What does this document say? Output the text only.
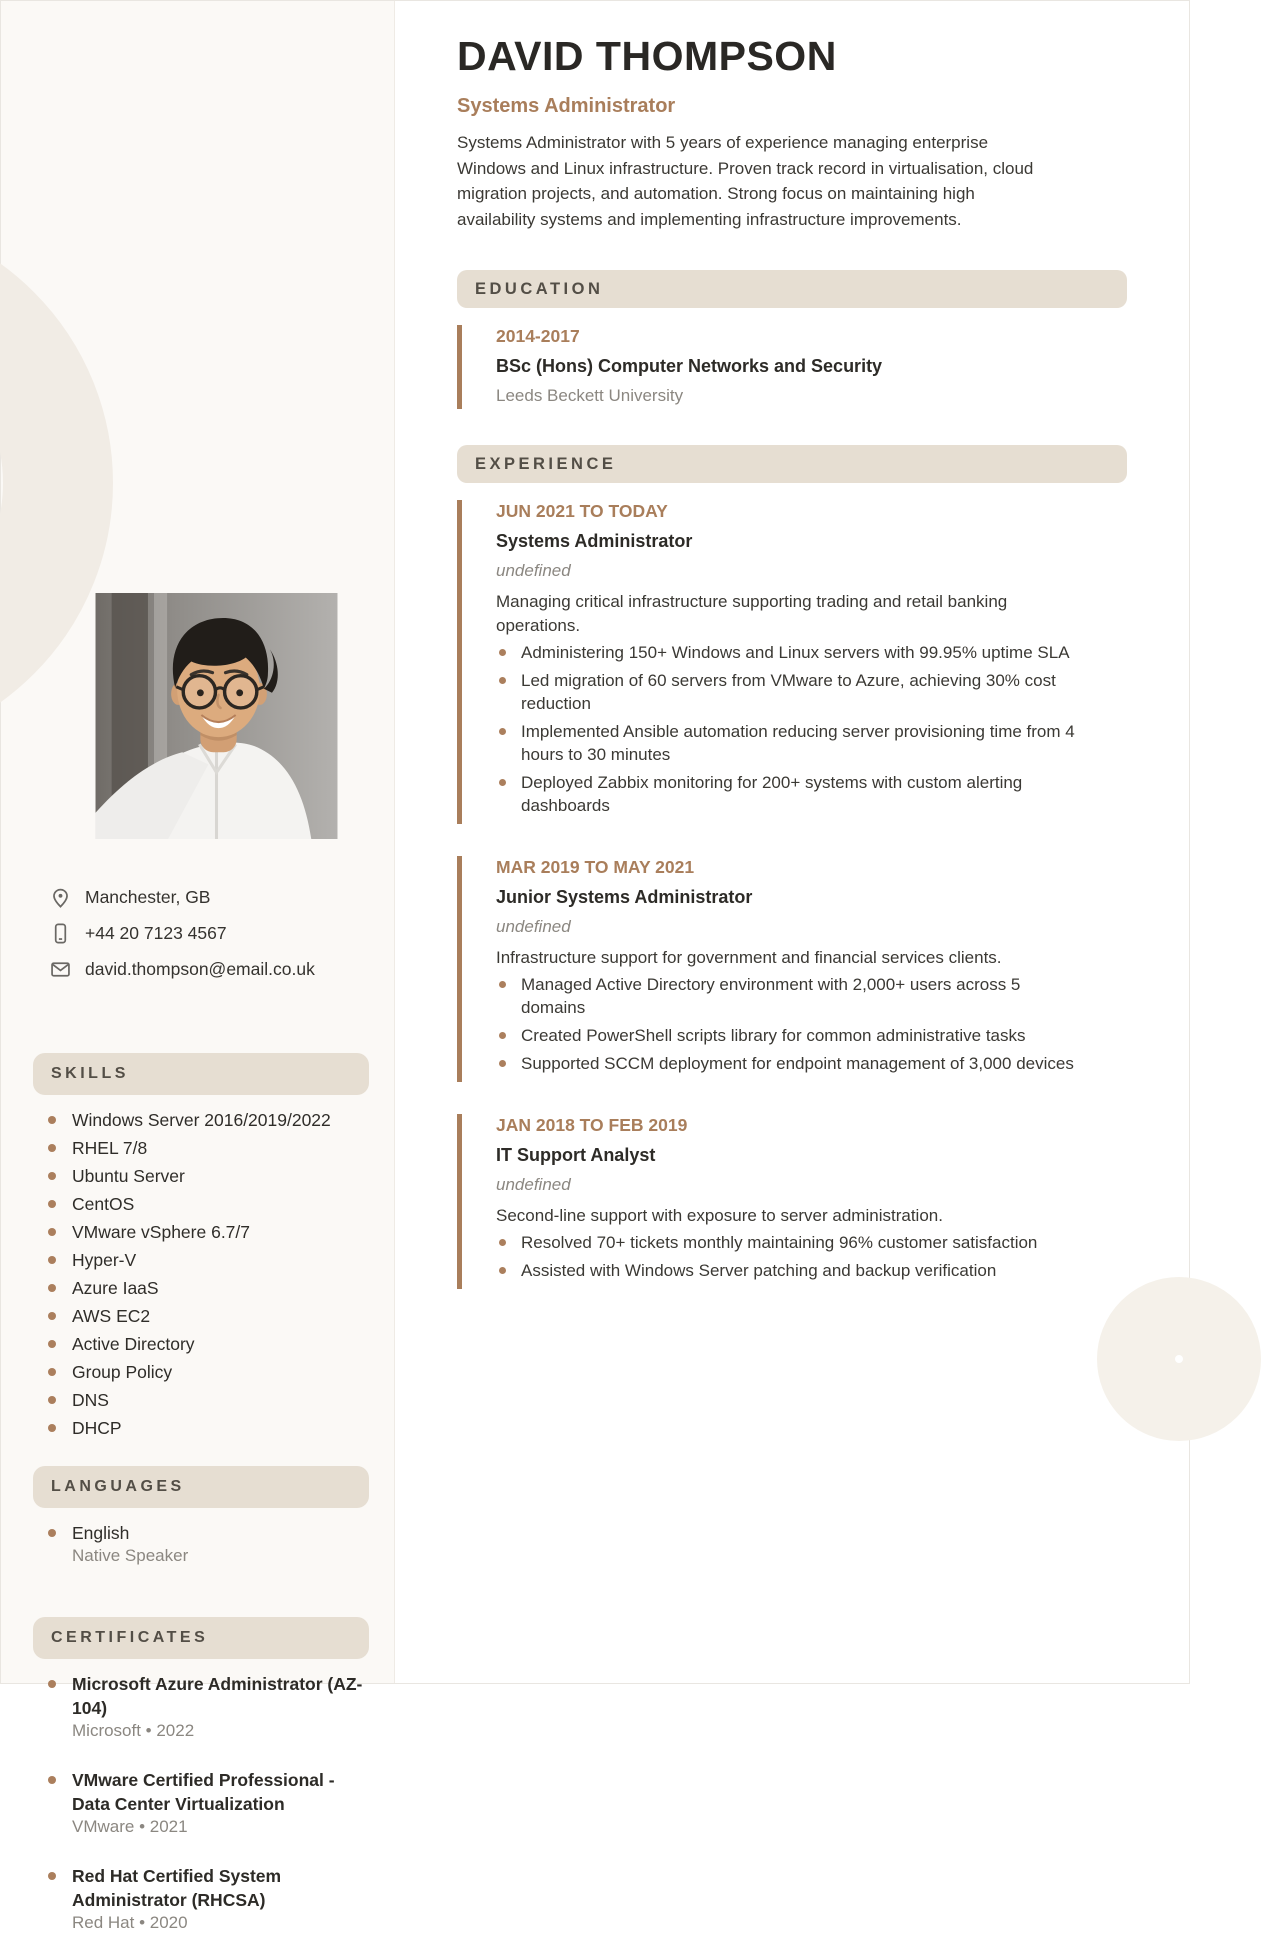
Manchester, GB
+44 20 7123 4567
david.thompson@email.co.uk
SKILLS
Windows Server 2016/2019/2022
RHEL 7/8
Ubuntu Server
CentOS
VMware vSphere 6.7/7
Hyper-V
Azure IaaS
AWS EC2
Active Directory
Group Policy
DNS
DHCP
LANGUAGES
English
Native Speaker
CERTIFICATES
Microsoft Azure Administrator (AZ-104)
Microsoft • 2022
VMware Certified Professional - Data Center Virtualization
VMware • 2021
Red Hat Certified System Administrator (RHCSA)
Red Hat • 2020
DAVID THOMPSON
Systems Administrator

Systems Administrator with 5 years of experience managing enterprise Windows and Linux infrastructure. Proven track record in virtualisation, cloud migration projects, and automation. Strong focus on maintaining high availability systems and implementing infrastructure improvements.

EDUCATION
2014-2017
BSc (Hons) Computer Networks and Security
Leeds Beckett University
EXPERIENCE
JUN 2021 TO TODAY
Systems Administrator
undefined
Managing critical infrastructure supporting trading and retail banking operations.
Administering 150+ Windows and Linux servers with 99.95% uptime SLA
Led migration of 60 servers from VMware to Azure, achieving 30% cost reduction
Implemented Ansible automation reducing server provisioning time from 4 hours to 30 minutes
Deployed Zabbix monitoring for 200+ systems with custom alerting dashboards
MAR 2019 TO MAY 2021
Junior Systems Administrator
undefined
Infrastructure support for government and financial services clients.
Managed Active Directory environment with 2,000+ users across 5 domains
Created PowerShell scripts library for common administrative tasks
Supported SCCM deployment for endpoint management of 3,000 devices
JAN 2018 TO FEB 2019
IT Support Analyst
undefined
Second-line support with exposure to server administration.
Resolved 70+ tickets monthly maintaining 96% customer satisfaction
Assisted with Windows Server patching and backup verification
